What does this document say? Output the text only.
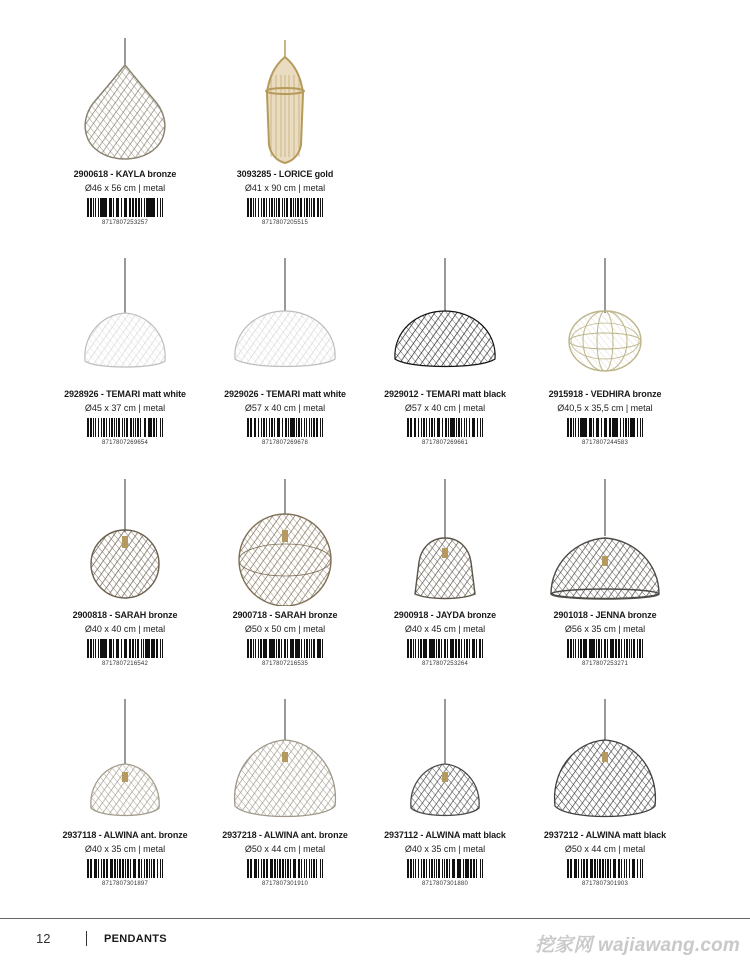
2900618 - KAYLA bronze
Ø46 x 56 cm | metal
8717807253257
3093285 - LORICE gold
Ø41 x 90 cm | metal
8717807205515
2928926 - TEMARI matt white
Ø45 x 37 cm | metal
8717807269654
2929026 - TEMARI matt white
Ø57 x 40 cm | metal
8717807269678
2929012 - TEMARI matt black
Ø57 x 40 cm | metal
8717807269661
2915918 - VEDHIRA bronze
Ø40,5 x 35,5 cm | metal
8717807244583
2900818 - SARAH bronze
Ø40 x 40 cm | metal
8717807216542
2900718 - SARAH bronze
Ø50 x 50 cm | metal
8717807216535
2900918 - JAYDA bronze
Ø40 x 45 cm | metal
8717807253264
2901018 - JENNA bronze
Ø56 x 35 cm | metal
8717807253271
2937118 - ALWINA ant. bronze
Ø40 x 35 cm | metal
8717807301897
2937218 - ALWINA ant. bronze
Ø50 x 44 cm | metal
8717807301910
2937112 - ALWINA matt black
Ø40 x 35 cm | metal
8717807301880
2937212 - ALWINA matt black
Ø50 x 44 cm | metal
8717807301903
12	PENDANTS	挖家网 wajiawang.com
